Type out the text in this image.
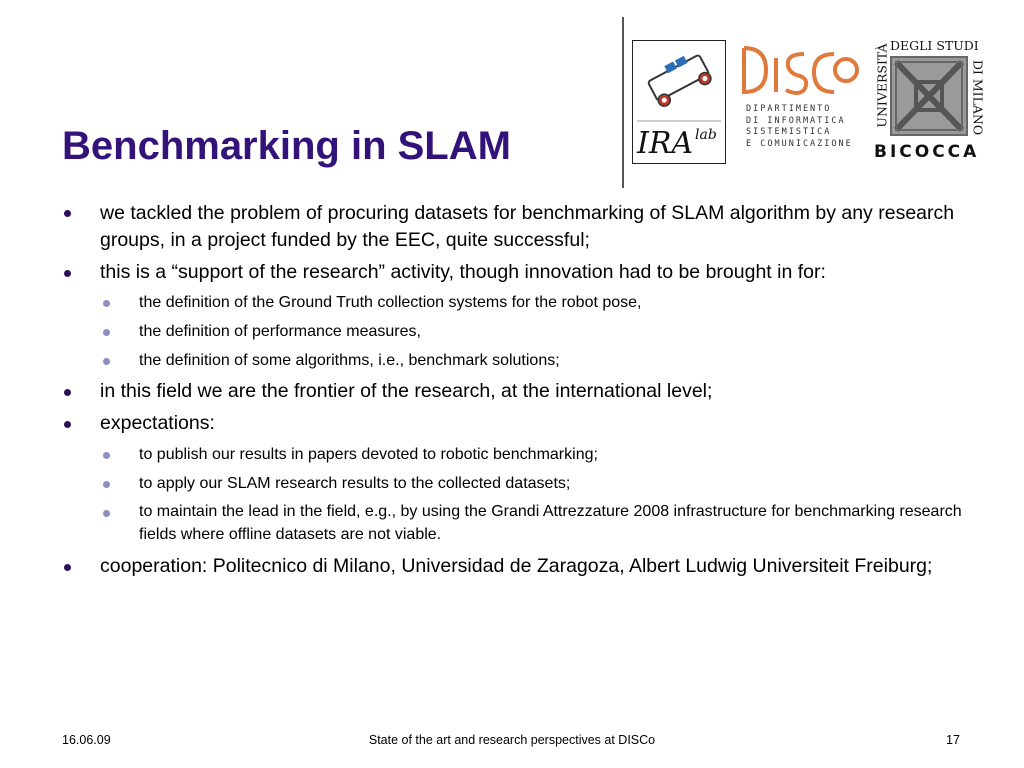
Benchmarking in SLAM	IRA lab
DIPARTIMENTO
DI INFORMATICA
SISTEMISTICA
E COMUNICAZIONE
UNIVERSITÀ DEGLI STUDI
DI MILANO
BICOCCA
we tackled the problem of procuring datasets for benchmarking of SLAM algorithm by any research groups, in a project funded by the EEC, quite successful;
this is a “support of the research” activity, though innovation had to be brought in for:
the definition of the Ground Truth collection systems for the robot pose,
the definition of performance measures,
the definition of some algorithms, i.e., benchmark solutions;
in this field we are the frontier of the research, at the international level;
expectations:
to publish our results in papers devoted to robotic benchmarking;
to apply our SLAM research results to the collected datasets;
to maintain the lead in the field, e.g., by using the Grandi Attrezzature 2008 infrastructure for benchmarking research fields where offline datasets are not viable.
cooperation: Politecnico di Milano, Universidad de Zaragoza, Albert Ludwig Universiteit Freiburg;
16.06.09	State of the art and research perspectives at DISCo	17
